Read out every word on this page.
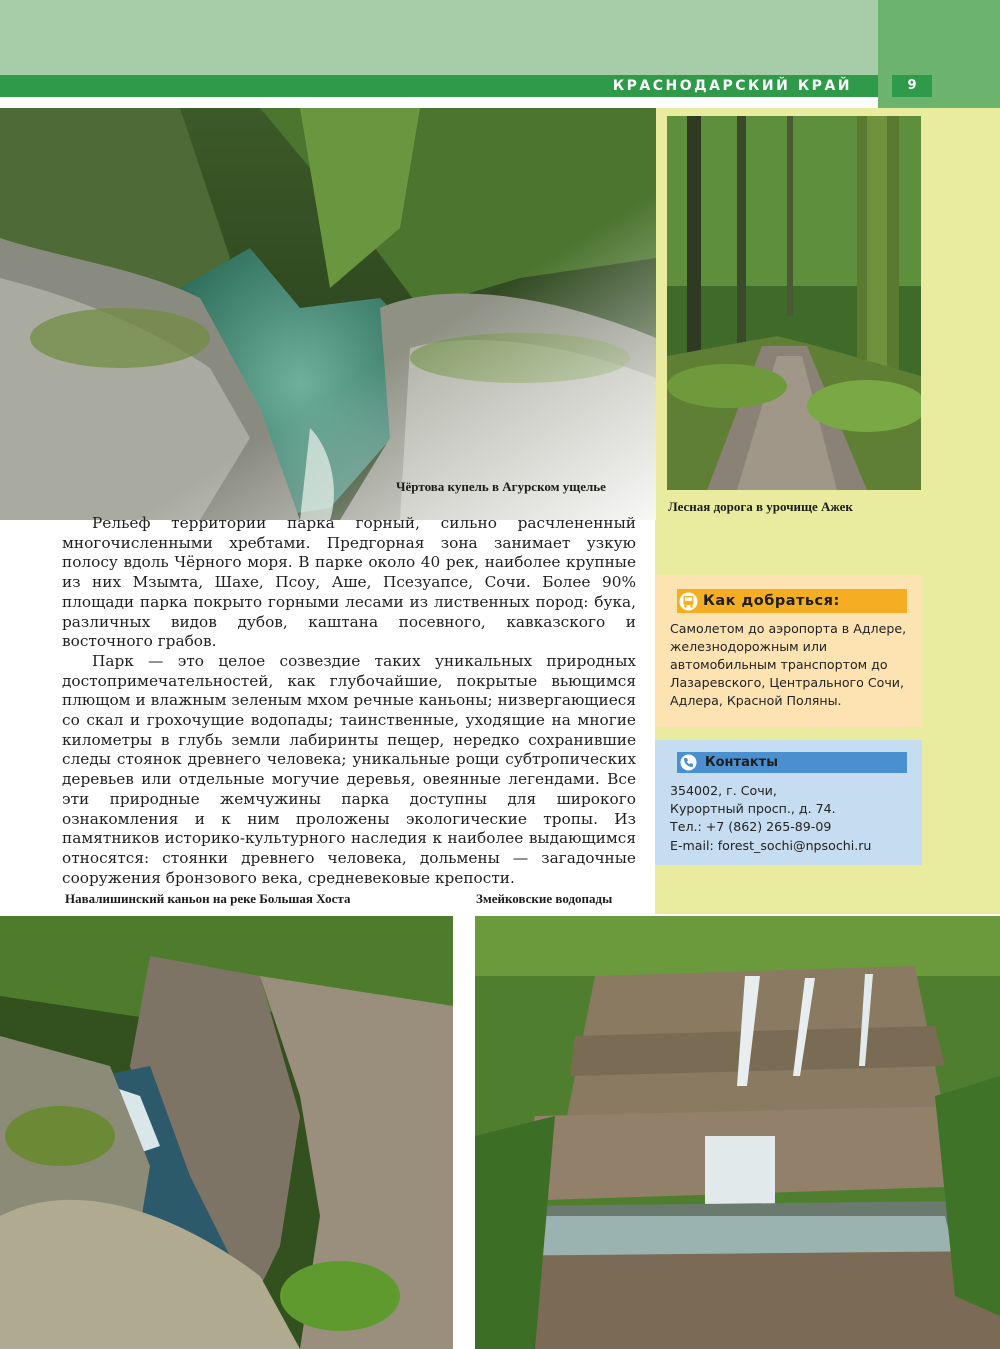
КРАСНОДАРСКИЙ КРАЙ	9
Чёртова купель в Агурском ущелье
Лесная дорога в урочище Ажек

Рельеф территории парка горный, сильно расчлененный многочисленными хребтами. Предгорная зона занимает узкую полосу вдоль Чёрного моря. В парке около 40 рек, наиболее крупные из них Мзымта, Шахе, Псоу, Аше, Псезуапсе, Сочи. Более 90% площади парка покрыто горными лесами из лиственных пород: бука, различных видов дубов, каштана посевного, кавказского и восточного грабов.

Парк — это целое созвездие таких уникальных природных достопримечательностей, как глубочайшие, покрытые вьющимся плющом и влажным зеленым мхом речные каньоны; низвергающиеся со скал и грохочущие водопады; таинственные, уходящие на многие километры в глубь земли лабиринты пещер, нередко сохранившие следы стоянок древнего человека; уникальные рощи субтропических деревьев или отдельные могучие деревья, овеянные легендами. Все эти природные жемчужины парка доступны для широкого ознакомления и к ним проложены экологические тропы. Из памятников историко-культурного наследия к наиболее выдающимся относятся: стоянки древнего человека, дольмены — загадочные сооружения бронзового века, средневековые крепости.

Как добраться:
Самолетом до аэропорта в Адлере, железнодорожным или автомобильным транспортом до Лазаревского, Центрального Сочи, Адлера, Красной Поляны.
Контакты
354002, г. Сочи,
Курортный просп., д. 74.
Тел.: +7 (862) 265-89-09
E-mail: forest_sochi@npsochi.ru
Навалишинский каньон на реке Большая Хоста	Змейковские водопады
